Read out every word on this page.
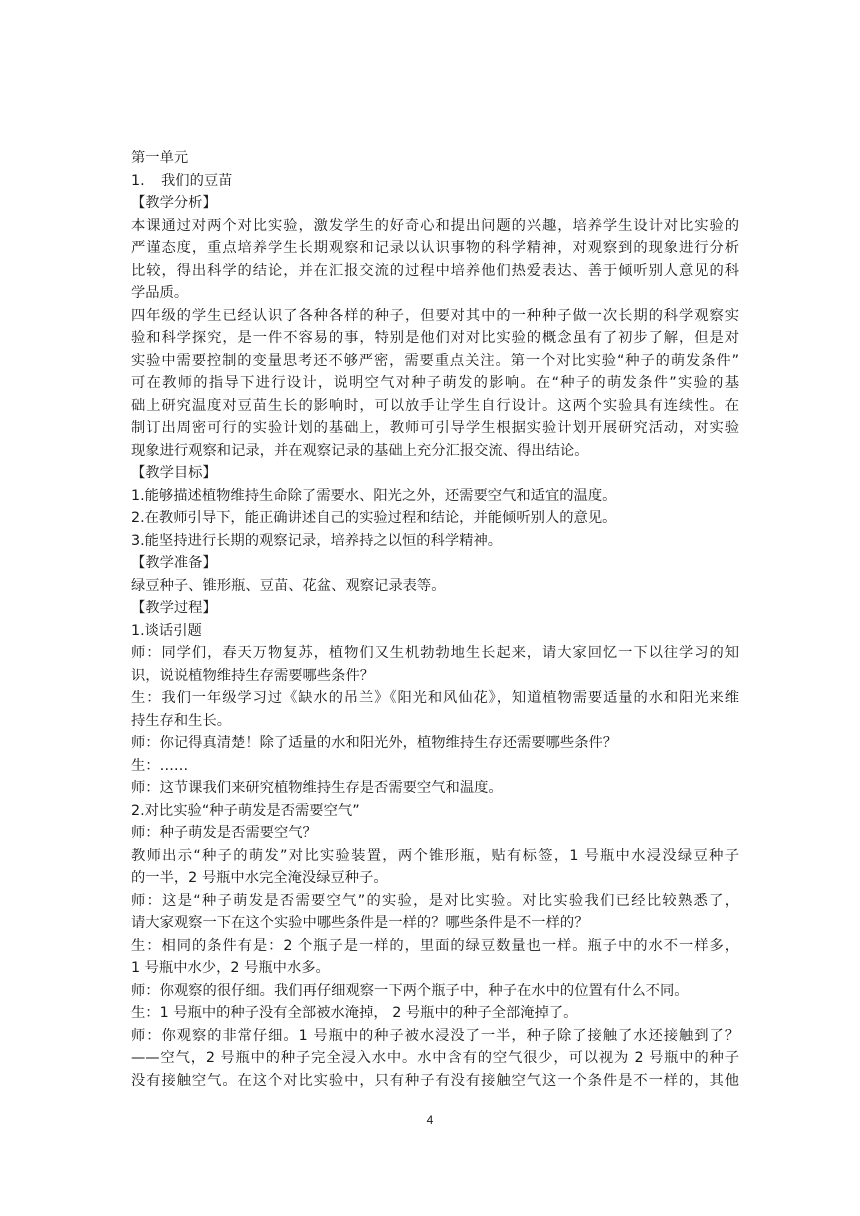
第一单元
1. 我们的豆苗
【教学分析】
本课通过对两个对比实验，激发学生的好奇心和提出问题的兴趣，培养学生设计对比实验的
严谨态度，重点培养学生长期观察和记录以认识事物的科学精神，对观察到的现象进行分析
比较，得出科学的结论，并在汇报交流的过程中培养他们热爱表达、善于倾听别人意见的科
学品质。
四年级的学生已经认识了各种各样的种子，但要对其中的一种种子做一次长期的科学观察实
验和科学探究，是一件不容易的事，特别是他们对对比实验的概念虽有了初步了解，但是对
实验中需要控制的变量思考还不够严密，需要重点关注。第一个对比实验“种子的萌发条件”
可在教师的指导下进行设计，说明空气对种子萌发的影响。在“种子的萌发条件”实验的基
础上研究温度对豆苗生长的影响时，可以放手让学生自行设计。这两个实验具有连续性。在
制订出周密可行的实验计划的基础上，教师可引导学生根据实验计划开展研究活动，对实验
现象进行观察和记录，并在观察记录的基础上充分汇报交流、得出结论。
【教学目标】
1.能够描述植物维持生命除了需要水、阳光之外，还需要空气和适宜的温度。
2.在教师引导下，能正确讲述自己的实验过程和结论，并能倾听别人的意见。
3.能坚持进行长期的观察记录，培养持之以恒的科学精神。
【教学准备】
绿豆种子、锥形瓶、豆苗、花盆、观察记录表等。
【教学过程】
1.谈话引题
师：同学们，春天万物复苏，植物们又生机勃勃地生长起来，请大家回忆一下以往学习的知
识，说说植物维持生存需要哪些条件？
生：我们一年级学习过《缺水的吊兰》《阳光和风仙花》，知道植物需要适量的水和阳光来维
持生存和生长。
师：你记得真清楚！除了适量的水和阳光外，植物维持生存还需要哪些条件？
生：……
师：这节课我们来研究植物维持生存是否需要空气和温度。
2.对比实验“种子萌发是否需要空气”
师：种子萌发是否需要空气？
教师出示“种子的萌发”对比实验装置，两个锥形瓶，贴有标签，1 号瓶中水浸没绿豆种子
的一半，2 号瓶中水完全淹没绿豆种子。
师：这是“种子萌发是否需要空气”的实验，是对比实验。对比实验我们已经比较熟悉了，
请大家观察一下在这个实验中哪些条件是一样的？哪些条件是不一样的？
生：相同的条件有是：2 个瓶子是一样的，里面的绿豆数量也一样。瓶子中的水不一样多，
1 号瓶中水少，2 号瓶中水多。
师：你观察的很仔细。我们再仔细观察一下两个瓶子中，种子在水中的位置有什么不同。
生：1 号瓶中的种子没有全部被水淹掉， 2 号瓶中的种子全部淹掉了。
师：你观察的非常仔细。1 号瓶中的种子被水浸没了一半，种子除了接触了水还接触到了？
——空气，2 号瓶中的种子完全浸入水中。水中含有的空气很少，可以视为 2 号瓶中的种子
没有接触空气。在这个对比实验中，只有种子有没有接触空气这一个条件是不一样的，其他
4
